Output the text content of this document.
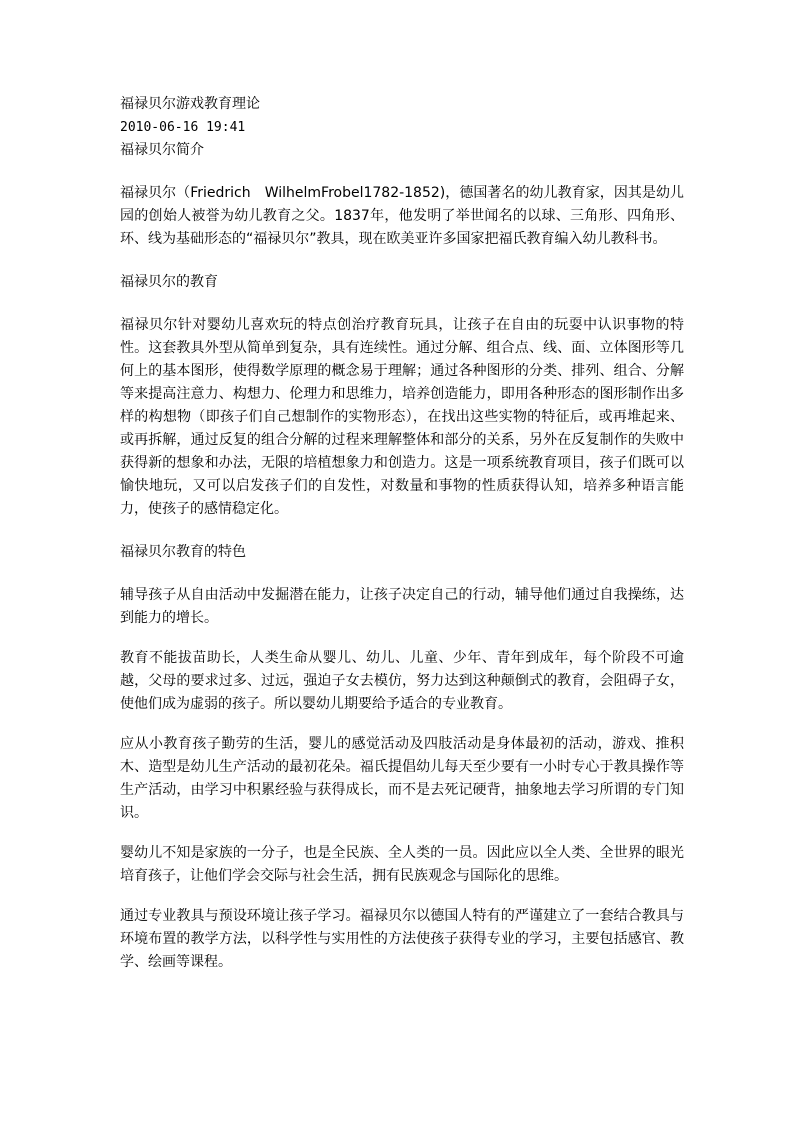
福禄贝尔游戏教育理论

2010-06-16 19:41

福禄贝尔简介

福禄贝尔（Friedrich　WilhelmFrobel1782-1852)，德国著名的幼儿教育家，因其是幼儿园的创始人被誉为幼儿教育之父。1837年，他发明了举世闻名的以球、三角形、四角形、环、线为基础形态的“福禄贝尔”教具，现在欧美亚许多国家把福氏教育编入幼儿教科书。

福禄贝尔的教育

福禄贝尔针对婴幼儿喜欢玩的特点创治疗教育玩具，让孩子在自由的玩耍中认识事物的特性。这套教具外型从简单到复杂，具有连续性。通过分解、组合点、线、面、立体图形等几何上的基本图形，使得数学原理的概念易于理解；通过各种图形的分类、排列、组合、分解等来提高注意力、构想力、伦理力和思维力，培养创造能力，即用各种形态的图形制作出多样的构想物（即孩子们自己想制作的实物形态），在找出这些实物的特征后，或再堆起来、或再拆解，通过反复的组合分解的过程来理解整体和部分的关系，另外在反复制作的失败中获得新的想象和办法，无限的培植想象力和创造力。这是一项系统教育项目，孩子们既可以愉快地玩，又可以启发孩子们的自发性，对数量和事物的性质获得认知，培养多种语言能力，使孩子的感情稳定化。

福禄贝尔教育的特色

辅导孩子从自由活动中发掘潜在能力，让孩子决定自己的行动，辅导他们通过自我操练，达到能力的增长。

教育不能拔苗助长，人类生命从婴儿、幼儿、儿童、少年、青年到成年，每个阶段不可逾越，父母的要求过多、过远，强迫子女去模仿，努力达到这种颠倒式的教育，会阻碍子女，使他们成为虚弱的孩子。所以婴幼儿期要给予适合的专业教育。

应从小教育孩子勤劳的生活，婴儿的感觉活动及四肢活动是身体最初的活动，游戏、推积木、造型是幼儿生产活动的最初花朵。福氏提倡幼儿每天至少要有一小时专心于教具操作等生产活动，由学习中积累经验与获得成长，而不是去死记硬背，抽象地去学习所谓的专门知识。

婴幼儿不知是家族的一分子，也是全民族、全人类的一员。因此应以全人类、全世界的眼光培育孩子，让他们学会交际与社会生活，拥有民族观念与国际化的思维。

通过专业教具与预设环境让孩子学习。福禄贝尔以德国人特有的严谨建立了一套结合教具与环境布置的教学方法，以科学性与实用性的方法使孩子获得专业的学习，主要包括感官、教学、绘画等课程。
